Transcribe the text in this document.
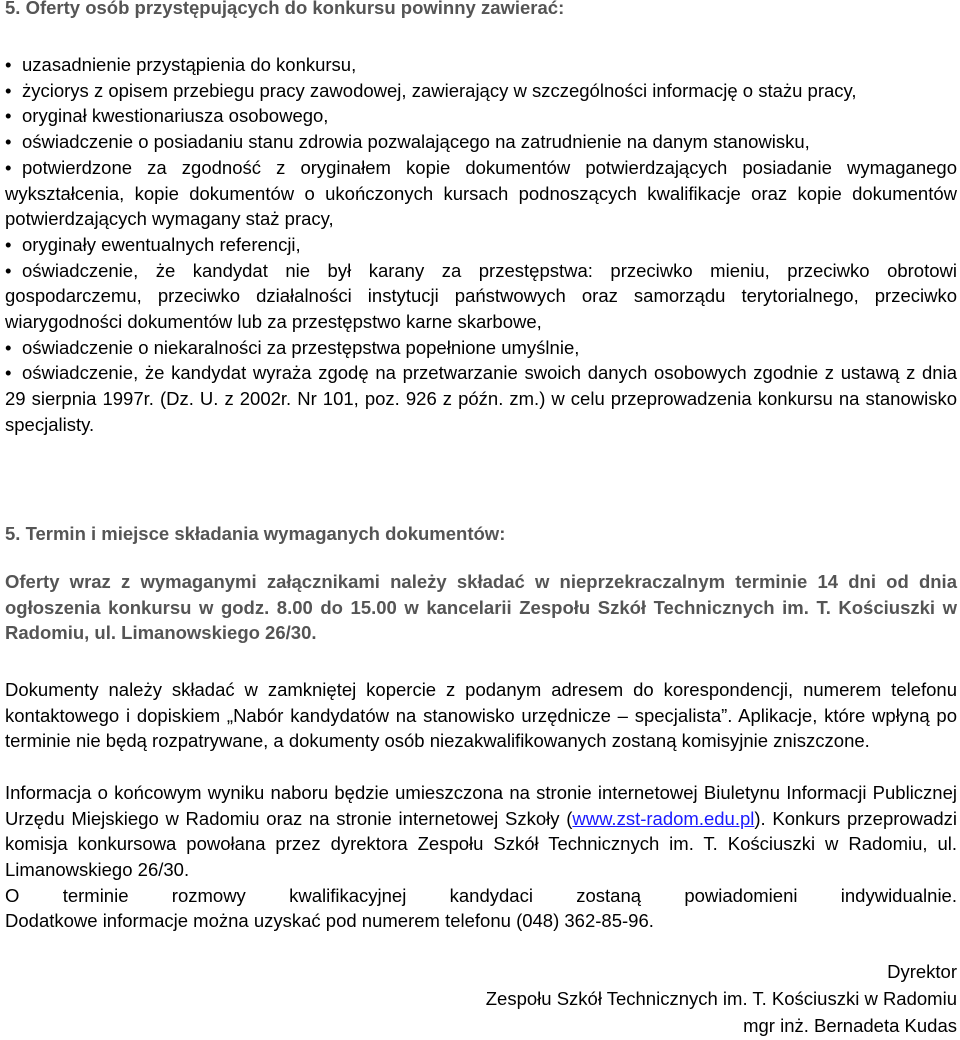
5. Oferty osób przystępujących do konkursu powinny zawierać:
• uzasadnienie przystąpienia do konkursu,
• życiorys z opisem przebiegu pracy zawodowej, zawierający w szczególności informację o stażu pracy,
• oryginał kwestionariusza osobowego,
• oświadczenie o posiadaniu stanu zdrowia pozwalającego na zatrudnienie na danym stanowisku,
• potwierdzone za zgodność z oryginałem kopie dokumentów potwierdzających posiadanie wymaganego wykształcenia, kopie dokumentów o ukończonych kursach podnoszących kwalifikacje oraz kopie dokumentów potwierdzających wymagany staż pracy,
• oryginały ewentualnych referencji,
• oświadczenie, że kandydat nie był karany za przestępstwa: przeciwko mieniu, przeciwko obrotowi gospodarczemu, przeciwko działalności instytucji państwowych oraz samorządu terytorialnego, przeciwko wiarygodności dokumentów lub za przestępstwo karne skarbowe,
• oświadczenie o niekaralności za przestępstwa popełnione umyślnie,
• oświadczenie, że kandydat wyraża zgodę na przetwarzanie swoich danych osobowych zgodnie z ustawą z dnia 29 sierpnia 1997r. (Dz. U. z 2002r. Nr 101, poz. 926 z późn. zm.) w celu przeprowadzenia konkursu na stanowisko specjalisty.
5. Termin i miejsce składania wymaganych dokumentów:

Oferty wraz z wymaganymi załącznikami należy składać w nieprzekraczalnym terminie 14 dni od dnia ogłoszenia konkursu w godz. 8.00 do 15.00 w kancelarii Zespołu Szkół Technicznych im. T. Kościuszki w Radomiu, ul. Limanowskiego 26/30.

Dokumenty należy składać w zamkniętej kopercie z podanym adresem do korespondencji, numerem telefonu kontaktowego i dopiskiem „Nabór kandydatów na stanowisko urzędnicze – specjalista”. Aplikacje, które wpłyną po terminie nie będą rozpatrywane, a dokumenty osób niezakwalifikowanych zostaną komisyjnie zniszczone.

Informacja o końcowym wyniku naboru będzie umieszczona na stronie internetowej Biuletynu Informacji Publicznej Urzędu Miejskiego w Radomiu oraz na stronie internetowej Szkoły (www.zst-radom.edu.pl). Konkurs przeprowadzi komisja konkursowa powołana przez dyrektora Zespołu Szkół Technicznych im. T. Kościuszki w Radomiu, ul. Limanowskiego 26/30.

O terminie rozmowy kwalifikacyjnej kandydaci zostaną powiadomieni indywidualnie.

Dodatkowe informacje można uzyskać pod numerem telefonu (048) 362-85-96.

Dyrektor
Zespołu Szkół Technicznych im. T. Kościuszki w Radomiu
mgr inż. Bernadeta Kudas
